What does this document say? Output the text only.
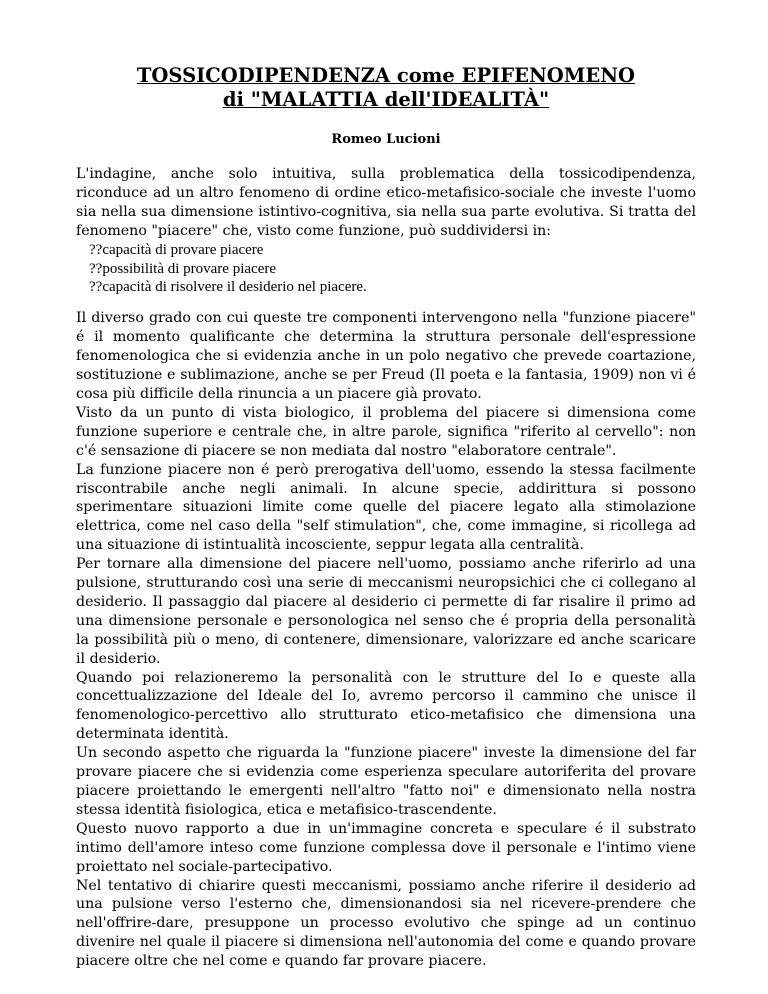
TOSSICODIPENDENZA come EPIFENOMENO
di "MALATTIA dell'IDEALITÀ"
Romeo Lucioni

L'indagine, anche solo intuitiva, sulla problematica della tossicodipendenza, riconduce ad un altro fenomeno di ordine etico-metafisico-sociale che investe l'uomo sia nella sua dimensione istintivo-cognitiva, sia nella sua parte evolutiva. Si tratta del fenomeno "piacere" che, visto come funzione, può suddividersi in:

??capacità di provare piacere
??possibilità di provare piacere
??capacità di risolvere il desiderio nel piacere.

Il diverso grado con cui queste tre componenti intervengono nella "funzione piacere" é il momento qualificante che determina la struttura personale dell'espressione fenomenologica che si evidenzia anche in un polo negativo che prevede coartazione, sostituzione e sublimazione, anche se per Freud (Il poeta e la fantasia, 1909) non vi é cosa più difficile della rinuncia a un piacere già provato.

Visto da un punto di vista biologico, il problema del piacere si dimensiona come funzione superiore e centrale che, in altre parole, significa "riferito al cervello": non c'é sensazione di piacere se non mediata dal nostro "elaboratore centrale".

La funzione piacere non é però prerogativa dell'uomo, essendo la stessa facilmente riscontrabile anche negli animali. In alcune specie, addirittura si possono sperimentare situazioni limite come quelle del piacere legato alla stimolazione elettrica, come nel caso della "self stimulation", che, come immagine, si ricollega ad una situazione di istintualità incosciente, seppur legata alla centralità.

Per tornare alla dimensione del piacere nell'uomo, possiamo anche riferirlo ad una pulsione, strutturando così una serie di meccanismi neuropsichici che ci collegano al desiderio. Il passaggio dal piacere al desiderio ci permette di far risalire il primo ad una dimensione personale e personologica nel senso che é propria della personalità la possibilità più o meno, di contenere, dimensionare, valorizzare ed anche scaricare il desiderio.

Quando poi relazioneremo la personalità con le strutture del Io e queste alla concettualizzazione del Ideale del Io, avremo percorso il cammino che unisce il fenomenologico-percettivo allo strutturato etico-metafisico che dimensiona una determinata identità.

Un secondo aspetto che riguarda la "funzione piacere" investe la dimensione del far provare piacere che si evidenzia come esperienza speculare autoriferita del provare piacere proiettando le emergenti nell'altro "fatto noi" e dimensionato nella nostra stessa identità fisiologica, etica e metafisico-trascendente.

Questo nuovo rapporto a due in un'immagine concreta e speculare é il substrato intimo dell'amore inteso come funzione complessa dove il personale e l'intimo viene proiettato nel sociale-partecipativo.

Nel tentativo di chiarire questi meccanismi, possiamo anche riferire il desiderio ad una pulsione verso l'esterno che, dimensionandosi sia nel ricevere-prendere che nell'offrire-dare, presuppone un processo evolutivo che spinge ad un continuo divenire nel quale il piacere si dimensiona nell'autonomia del come e quando provare piacere oltre che nel come e quando far provare piacere.
